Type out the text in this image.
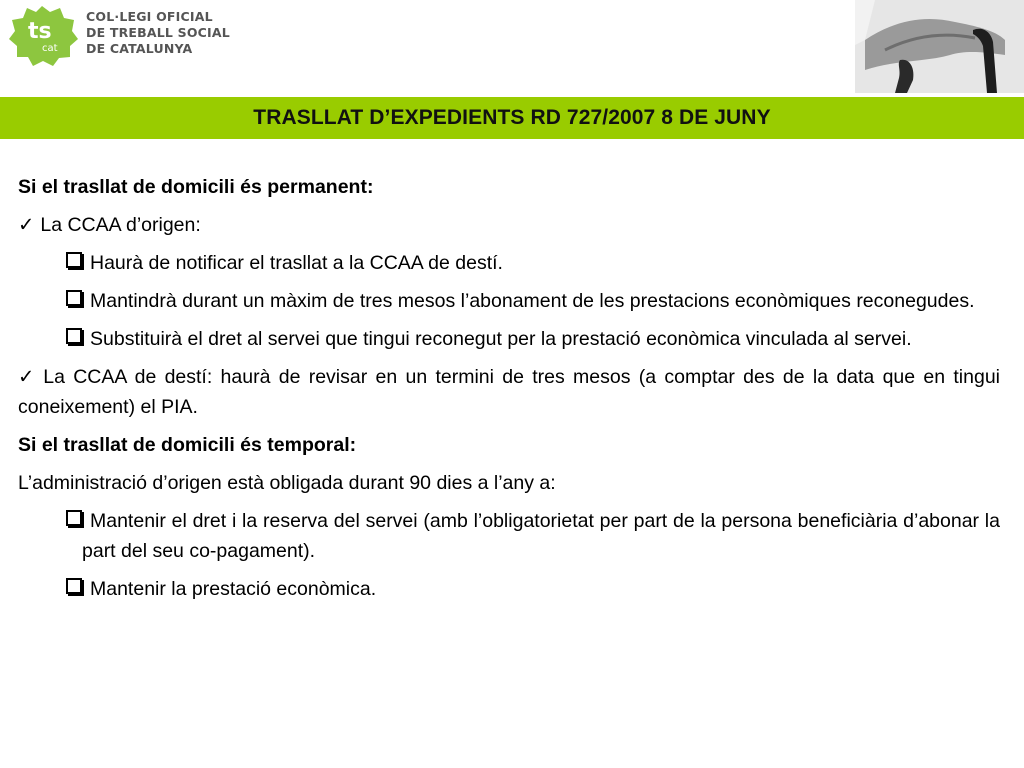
ts
cat
COL·LEGI OFICIAL
DE TREBALL SOCIAL
DE CATALUNYA
TRASLLAT D’EXPEDIENTS RD 727/2007 8 DE JUNY

Si el trasllat de domicili és permanent:

✓ La CCAA d’origen:

Haurà de notificar el trasllat a la CCAA de destí.
Mantindrà durant un màxim de tres mesos l’abonament de les prestacions econòmiques reconegudes.
Substituirà el dret al servei que tingui reconegut per la prestació econòmica vinculada al servei.

✓ La CCAA de destí: haurà de revisar en un termini de tres mesos (a comptar des de la data que en tingui    coneixement) el PIA.

Si el trasllat de domicili és temporal:

L’administració d’origen està obligada durant 90 dies a l’any a:

Mantenir el dret i la reserva del servei (amb l’obligatorietat per part de la persona beneficiària d’abonar la part del seu co-pagament).
Mantenir la prestació econòmica.
